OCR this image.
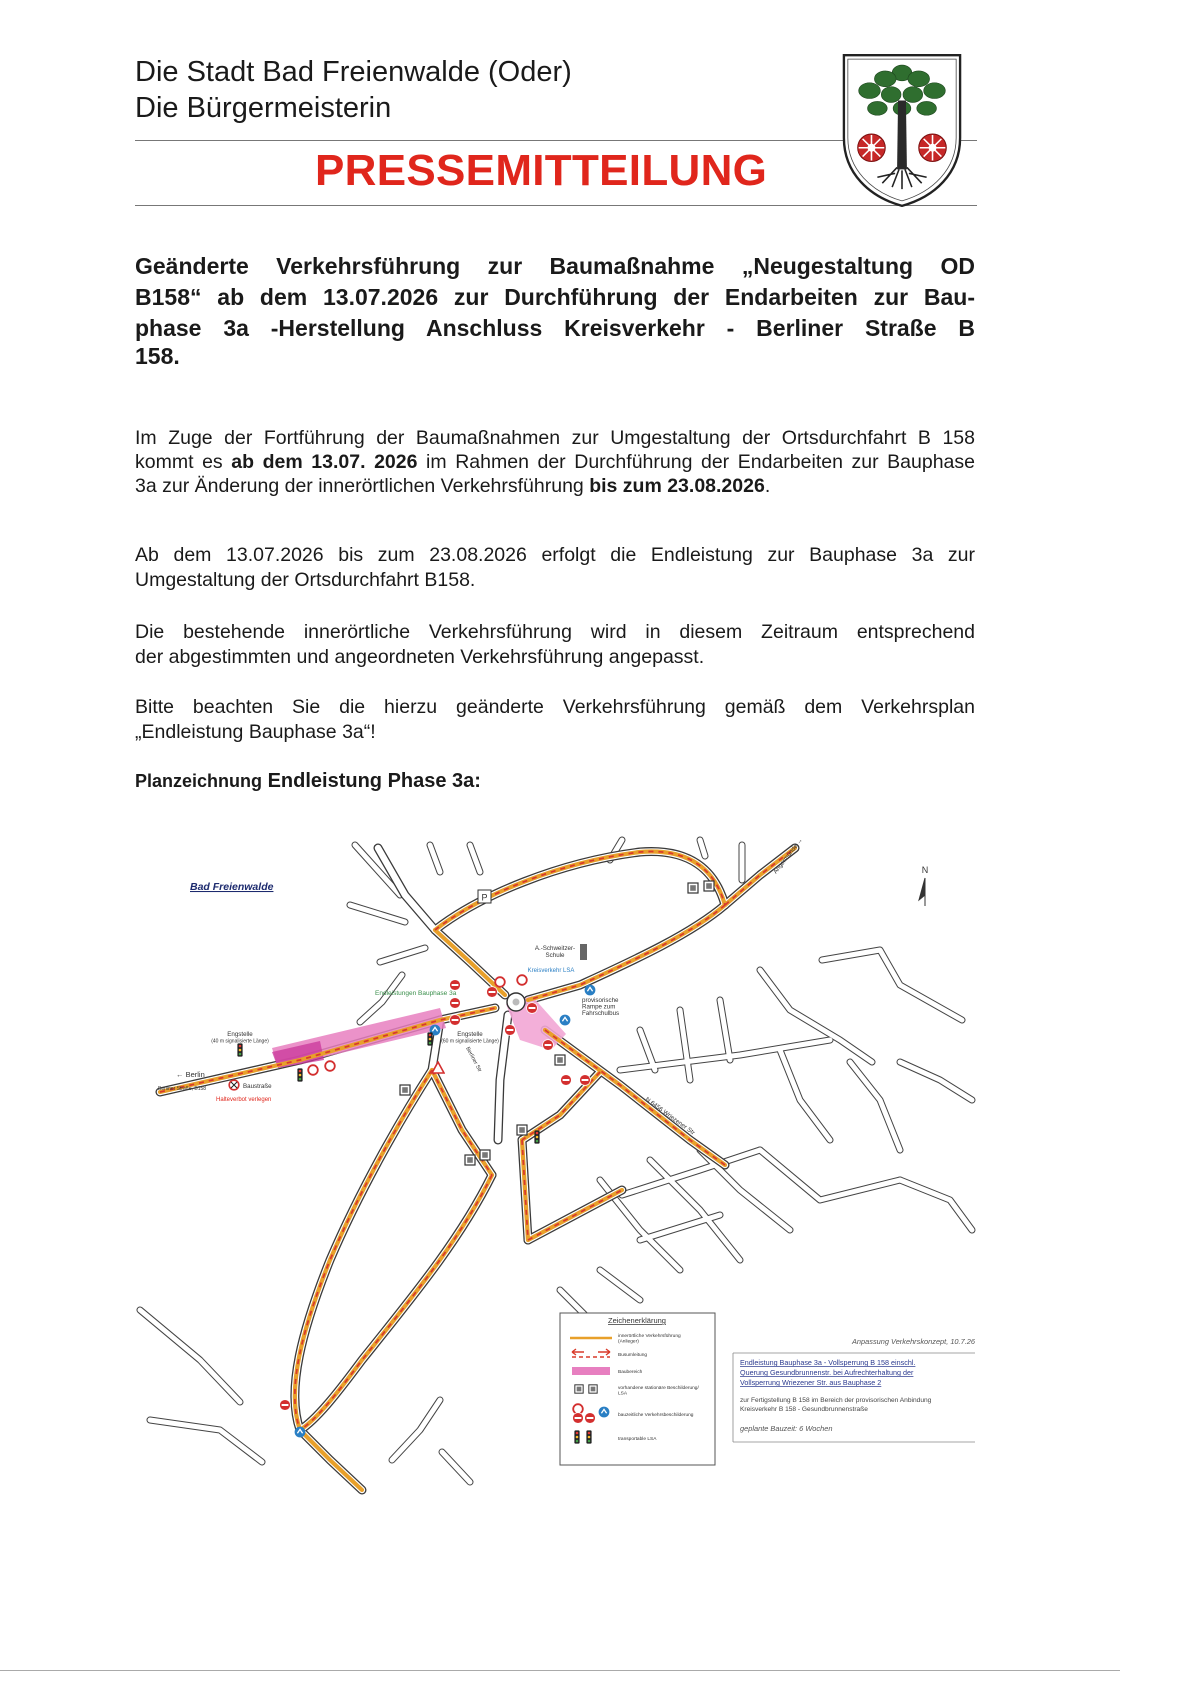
Die Stadt Bad Freienwalde (Oder)
Die Bürgermeisterin
PRESSEMITTEILUNG
Geänderte Verkehrsführung zur Baumaßnahme „Neugestaltung OD
B158“ ab dem 13.07.2026 zur Durchführung der Endarbeiten zur Bau-
phase 3a -Herstellung Anschluss Kreisverkehr - Berliner Straße B
158.
Im Zuge der Fortführung der Baumaßnahmen zur Umgestaltung der Ortsdurchfahrt B 158
kommt es ab dem 13.07. 2026 im Rahmen der Durchführung der Endarbeiten zur Bauphase
3a zur Änderung der innerörtlichen Verkehrsführung bis zum 23.08.2026.
Ab dem 13.07.2026 bis zum 23.08.2026 erfolgt die Endleistung zur Bauphase 3a zur
Umgestaltung der Ortsdurchfahrt B158.
Die bestehende innerörtliche Verkehrsführung wird in diesem Zeitraum entsprechend
der abgestimmten und angeordneten Verkehrsführung angepasst.
Bitte beachten Sie die hierzu geänderte Verkehrsführung gemäß dem Verkehrsplan
„Endleistung Bauphase 3a“!
Planzeichnung Endleistung Phase 3a:
P
N
Bad Freienwalde
A.-Schweitzer-Schule
Kreisverkehr LSA
provisorische Rampe zum Fahrschulbus
Endleistungen Bauphase 3a
Engstelle (40 m signalisierte Länge)
Engstelle (60 m signalisierte Länge)
← Berlin
Berliner Straße, B158	Baustraße
Halteverbot verlegen
Angermünde →
N 6456 Wriezener Str
Berliner Str
Zeichenerklärung
innerörtliche Verkehrsführung (Anlieger)
Busumleitung
Baubereich
vorhandene stationäre Beschilderung/ LSA
bauzeitliche Verkehrsbeschilderung
transportable LSA
Anpassung Verkehrskonzept, 10.7.26
Endleistung Bauphase 3a - Vollsperrung B 158 einschl.
Querung Gesundbrunnenstr. bei Aufrechterhaltung der
Vollsperrung Wriezener Str. aus Bauphase 2
zur Fertigstellung B 158 im Bereich der provisorischen Anbindung
Kreisverkehr B 158 - Gesundbrunnenstraße
geplante Bauzeit: 6 Wochen
